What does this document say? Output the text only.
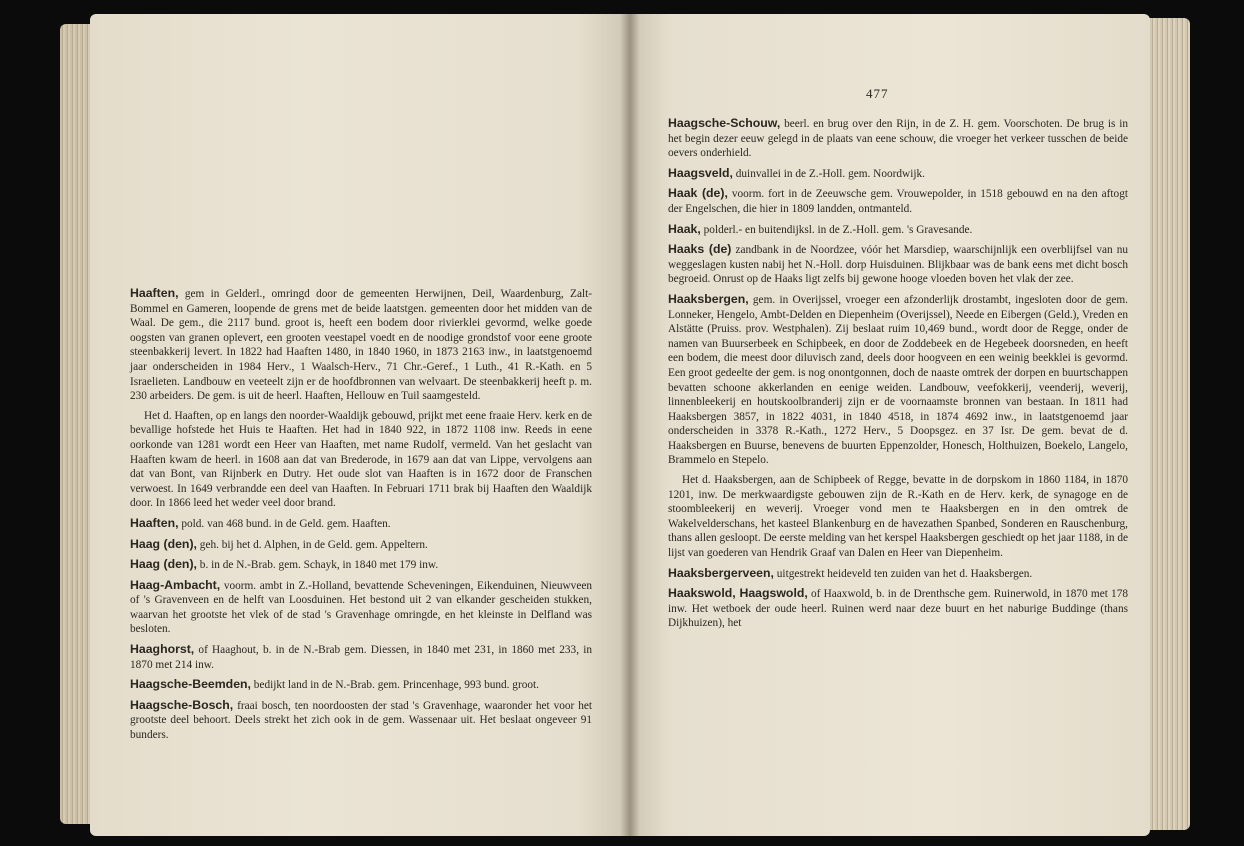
Haaften, gem in Gelderl., omringd door de gemeenten Herwijnen, Deil, Waardenburg, Zalt-Bommel en Gameren, loopende de grens met de beide laatstgen. gemeenten door het midden van de Waal. De gem., die 2117 bund. groot is, heeft een bodem door rivierklei gevormd, welke goede oogsten van granen oplevert, een grooten veestapel voedt en de noodige grondstof voor eene groote steenbakkerij levert. In 1822 had Haaften 1480, in 1840 1960, in 1873 2163 inw., in laatstgenoemd jaar onderscheiden in 1984 Herv., 1 Waalsch-Herv., 71 Chr.-Geref., 1 Luth., 41 R.-Kath. en 5 Israelieten. Landbouw en veeteelt zijn er de hoofdbronnen van welvaart. De steenbakkerij heeft p. m. 230 arbeiders. De gem. is uit de heerl. Haaften, Hellouw en Tuil saamgesteld.

Het d. Haaften, op en langs den noorder-Waaldijk gebouwd, prijkt met eene fraaie Herv. kerk en de bevallige hofstede het Huis te Haaften. Het had in 1840 922, in 1872 1108 inw. Reeds in eene oorkonde van 1281 wordt een Heer van Haaften, met name Rudolf, vermeld. Van het geslacht van Haaften kwam de heerl. in 1608 aan dat van Brederode, in 1679 aan dat van Lippe, vervolgens aan dat van Bont, van Rijnberk en Dutry. Het oude slot van Haaften is in 1672 door de Franschen verwoest. In 1649 verbrandde een deel van Haaften. In Februari 1711 brak bij Haaften den Waaldijk door. In 1866 leed het weder veel door brand.

Haaften, pold. van 468 bund. in de Geld. gem. Haaften.

Haag (den), geh. bij het d. Alphen, in de Geld. gem. Appeltern.

Haag (den), b. in de N.-Brab. gem. Schayk, in 1840 met 179 inw.

Haag-Ambacht, voorm. ambt in Z.-Holland, bevattende Scheveningen, Eikenduinen, Nieuwveen of 's Gravenveen en de helft van Loosduinen. Het bestond uit 2 van elkander gescheiden stukken, waarvan het grootste het vlek of de stad 's Gravenhage omringde, en het kleinste in Delfland was besloten.

Haaghorst, of Haaghout, b. in de N.-Brab gem. Diessen, in 1840 met 231, in 1860 met 233, in 1870 met 214 inw.

Haagsche-Beemden, bedijkt land in de N.-Brab. gem. Princenhage, 993 bund. groot.

Haagsche-Bosch, fraai bosch, ten noordoosten der stad 's Gravenhage, waaronder het voor het grootste deel behoort. Deels strekt het zich ook in de gem. Wassenaar uit. Het beslaat ongeveer 91 bunders.

477

Haagsche-Schouw, beerl. en brug over den Rijn, in de Z. H. gem. Voorschoten. De brug is in het begin dezer eeuw gelegd in de plaats van eene schouw, die vroeger het verkeer tusschen de beide oevers onderhield.

Haagsveld, duinvallei in de Z.-Holl. gem. Noordwijk.

Haak (de), voorm. fort in de Zeeuwsche gem. Vrouwepolder, in 1518 gebouwd en na den aftogt der Engelschen, die hier in 1809 landden, ontmanteld.

Haak, polderl.- en buitendijksl. in de Z.-Holl. gem. 's Gravesande.

Haaks (de) zandbank in de Noordzee, vóór het Marsdiep, waarschijnlijk een overblijfsel van nu weggeslagen kusten nabij het N.-Holl. dorp Huisduinen. Blijkbaar was de bank eens met dicht bosch begroeid. Onrust op de Haaks ligt zelfs bij gewone hooge vloeden boven het vlak der zee.

Haaksbergen, gem. in Overijssel, vroeger een afzonderlijk drostambt, ingesloten door de gem. Lonneker, Hengelo, Ambt-Delden en Diepenheim (Overijssel), Neede en Eibergen (Geld.), Vreden en Alstätte (Pruiss. prov. Westphalen). Zij beslaat ruim 10,469 bund., wordt door de Regge, onder de namen van Buurserbeek en Schipbeek, en door de Zoddebeek en de Hegebeek doorsneden, en heeft een bodem, die meest door diluvisch zand, deels door hoogveen en een weinig beekklei is gevormd. Een groot gedeelte der gem. is nog onontgonnen, doch de naaste omtrek der dorpen en buurtschappen bevatten schoone akkerlanden en eenige weiden. Landbouw, veefokkerij, veenderij, weverij, linnenbleekerij en houtskoolbranderij zijn er de voornaamste bronnen van bestaan. In 1811 had Haaksbergen 3857, in 1822 4031, in 1840 4518, in 1874 4692 inw., in laatstgenoemd jaar onderscheiden in 3378 R.-Kath., 1272 Herv., 5 Doopsgez. en 37 Isr. De gem. bevat de d. Haaksbergen en Buurse, benevens de buurten Eppenzolder, Honesch, Holthuizen, Boekelo, Langelo, Brammelo en Stepelo.

Het d. Haaksbergen, aan de Schipbeek of Regge, bevatte in de dorpskom in 1860 1184, in 1870 1201, inw. De merkwaardigste gebouwen zijn de R.-Kath en de Herv. kerk, de synagoge en de stoombleekerij en weverij. Vroeger vond men te Haaksbergen en in den omtrek de Wakelvelderschans, het kasteel Blankenburg en de havezathen Spanbed, Sonderen en Rauschenburg, thans allen gesloopt. De eerste melding van het kerspel Haaksbergen geschiedt op het jaar 1188, in de lijst van goederen van Hendrik Graaf van Dalen en Heer van Diepenheim.

Haaksbergerveen, uitgestrekt heideveld ten zuiden van het d. Haaksbergen.

Haakswold, Haagswold, of Haaxwold, b. in de Drenthsche gem. Ruinerwold, in 1870 met 178 inw. Het wetboek der oude heerl. Ruinen werd naar deze buurt en het naburige Buddinge (thans Dijkhuizen), het
